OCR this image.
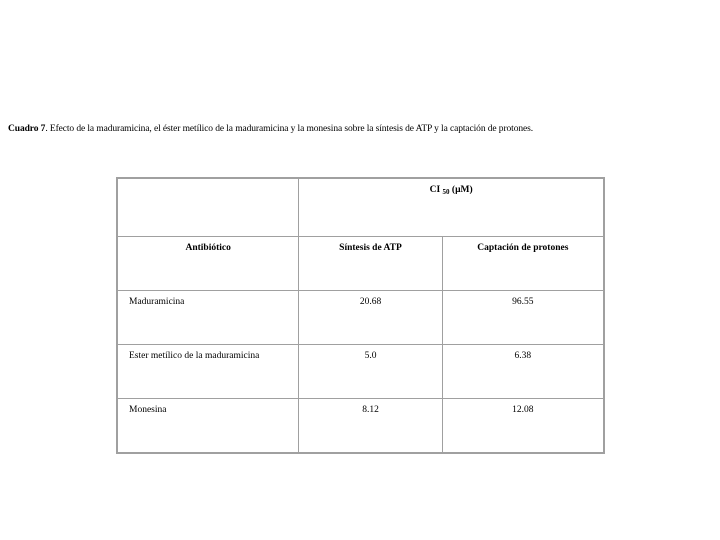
Cuadro 7. Efecto de la maduramicina, el éster metílico de la maduramicina y la monesina sobre la síntesis de ATP y la captación de protones.
	CI $_{50}$ (µM)	
Antibiótico	Síntesis de ATP	Captación de protones
Maduramicina	20.68	96.55
Ester metílico de la maduramicina	5.0	6.38
Monesina	8.12	12.08
